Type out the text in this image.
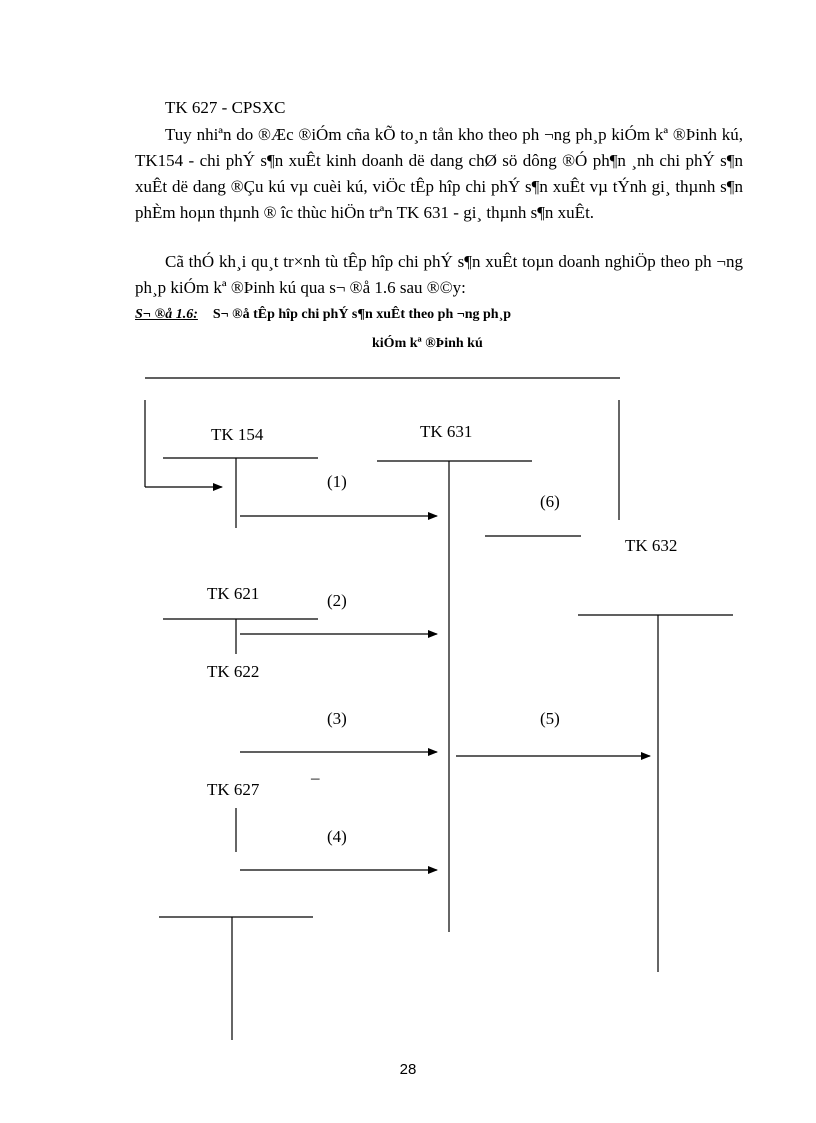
TK 627 - CPSXC
Tuy nhiªn do ®Æc ®iÓm cña kÕ to¸n tån kho theo ph ¬ng ph¸p kiÓm kª ®Þinh kú, TK154 - chi phÝ s¶n xuÊt kinh doanh dë dang chØ sö dông ®Ó ph¶n ¸nh chi phÝ s¶n xuÊt dë dang ®Çu kú vµ cuèi kú, viÖc tÊp hîp chi phÝ s¶n xuÊt vµ tÝnh gi¸ thµnh s¶n phÈm hoµn thµnh ® îc thùc hiÖn trªn TK 631 - gi¸ thµnh s¶n xuÊt.
Cã thÓ kh¸i qu¸t tr×nh tù tÊp hîp chi phÝ s¶n xuÊt toµn doanh nghiÖp theo ph ¬ng ph¸p kiÓm kª ®Þinh kú qua s¬ ®å 1.6 sau ®©y:
S¬ ®å 1.6: S¬ ®å tÊp hîp chi phÝ s¶n xuÊt theo ph ¬ng ph¸p
kiÓm kª ®Þinh kú
TK 154	TK 631
TK 632
TK 621
TK 622
TK 627
(1)
(2)
(3)
(4)
(5)
(6)
–
28
